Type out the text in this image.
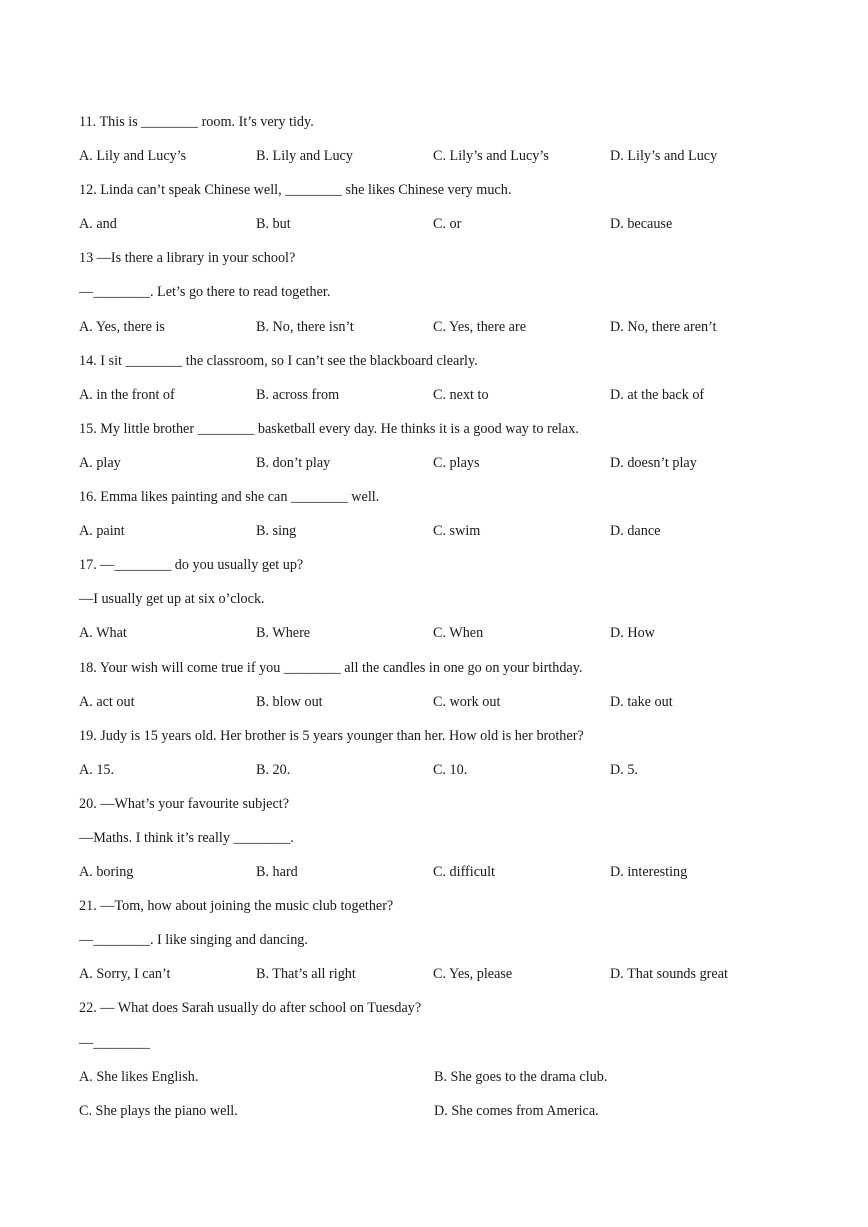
11. This is ________ room. It’s very tidy.
A. Lily and Lucy’s	B. Lily and Lucy	C. Lily’s and Lucy’s	D. Lily’s and Lucy
12. Linda can’t speak Chinese well, ________ she likes Chinese very much.
A. and	B. but	C. or	D. because
13 —Is there a library in your school?
—________. Let’s go there to read together.
A. Yes, there is	B. No, there isn’t	C. Yes, there are	D. No, there aren’t
14. I sit ________ the classroom, so I can’t see the blackboard clearly.
A. in the front of	B. across from	C. next to	D. at the back of
15. My little brother ________ basketball every day. He thinks it is a good way to relax.
A. play	B. don’t play	C. plays	D. doesn’t play
16. Emma likes painting and she can ________ well.
A. paint	B. sing	C. swim	D. dance
17. —________ do you usually get up?
—I usually get up at six o’clock.
A. What	B. Where	C. When	D. How
18. Your wish will come true if you ________ all the candles in one go on your birthday.
A. act out	B. blow out	C. work out	D. take out
19. Judy is 15 years old. Her brother is 5 years younger than her. How old is her brother?
A. 15.	B. 20.	C. 10.	D. 5.
20. —What’s your favourite subject?
—Maths. I think it’s really ________.
A. boring	B. hard	C. difficult	D. interesting
21. —Tom, how about joining the music club together?
—________. I like singing and dancing.
A. Sorry, I can’t	B. That’s all right	C. Yes, please	D. That sounds great
22. — What does Sarah usually do after school on Tuesday?
—________
A. She likes English.	B. She goes to the drama club.
C. She plays the piano well.	D. She comes from America.
